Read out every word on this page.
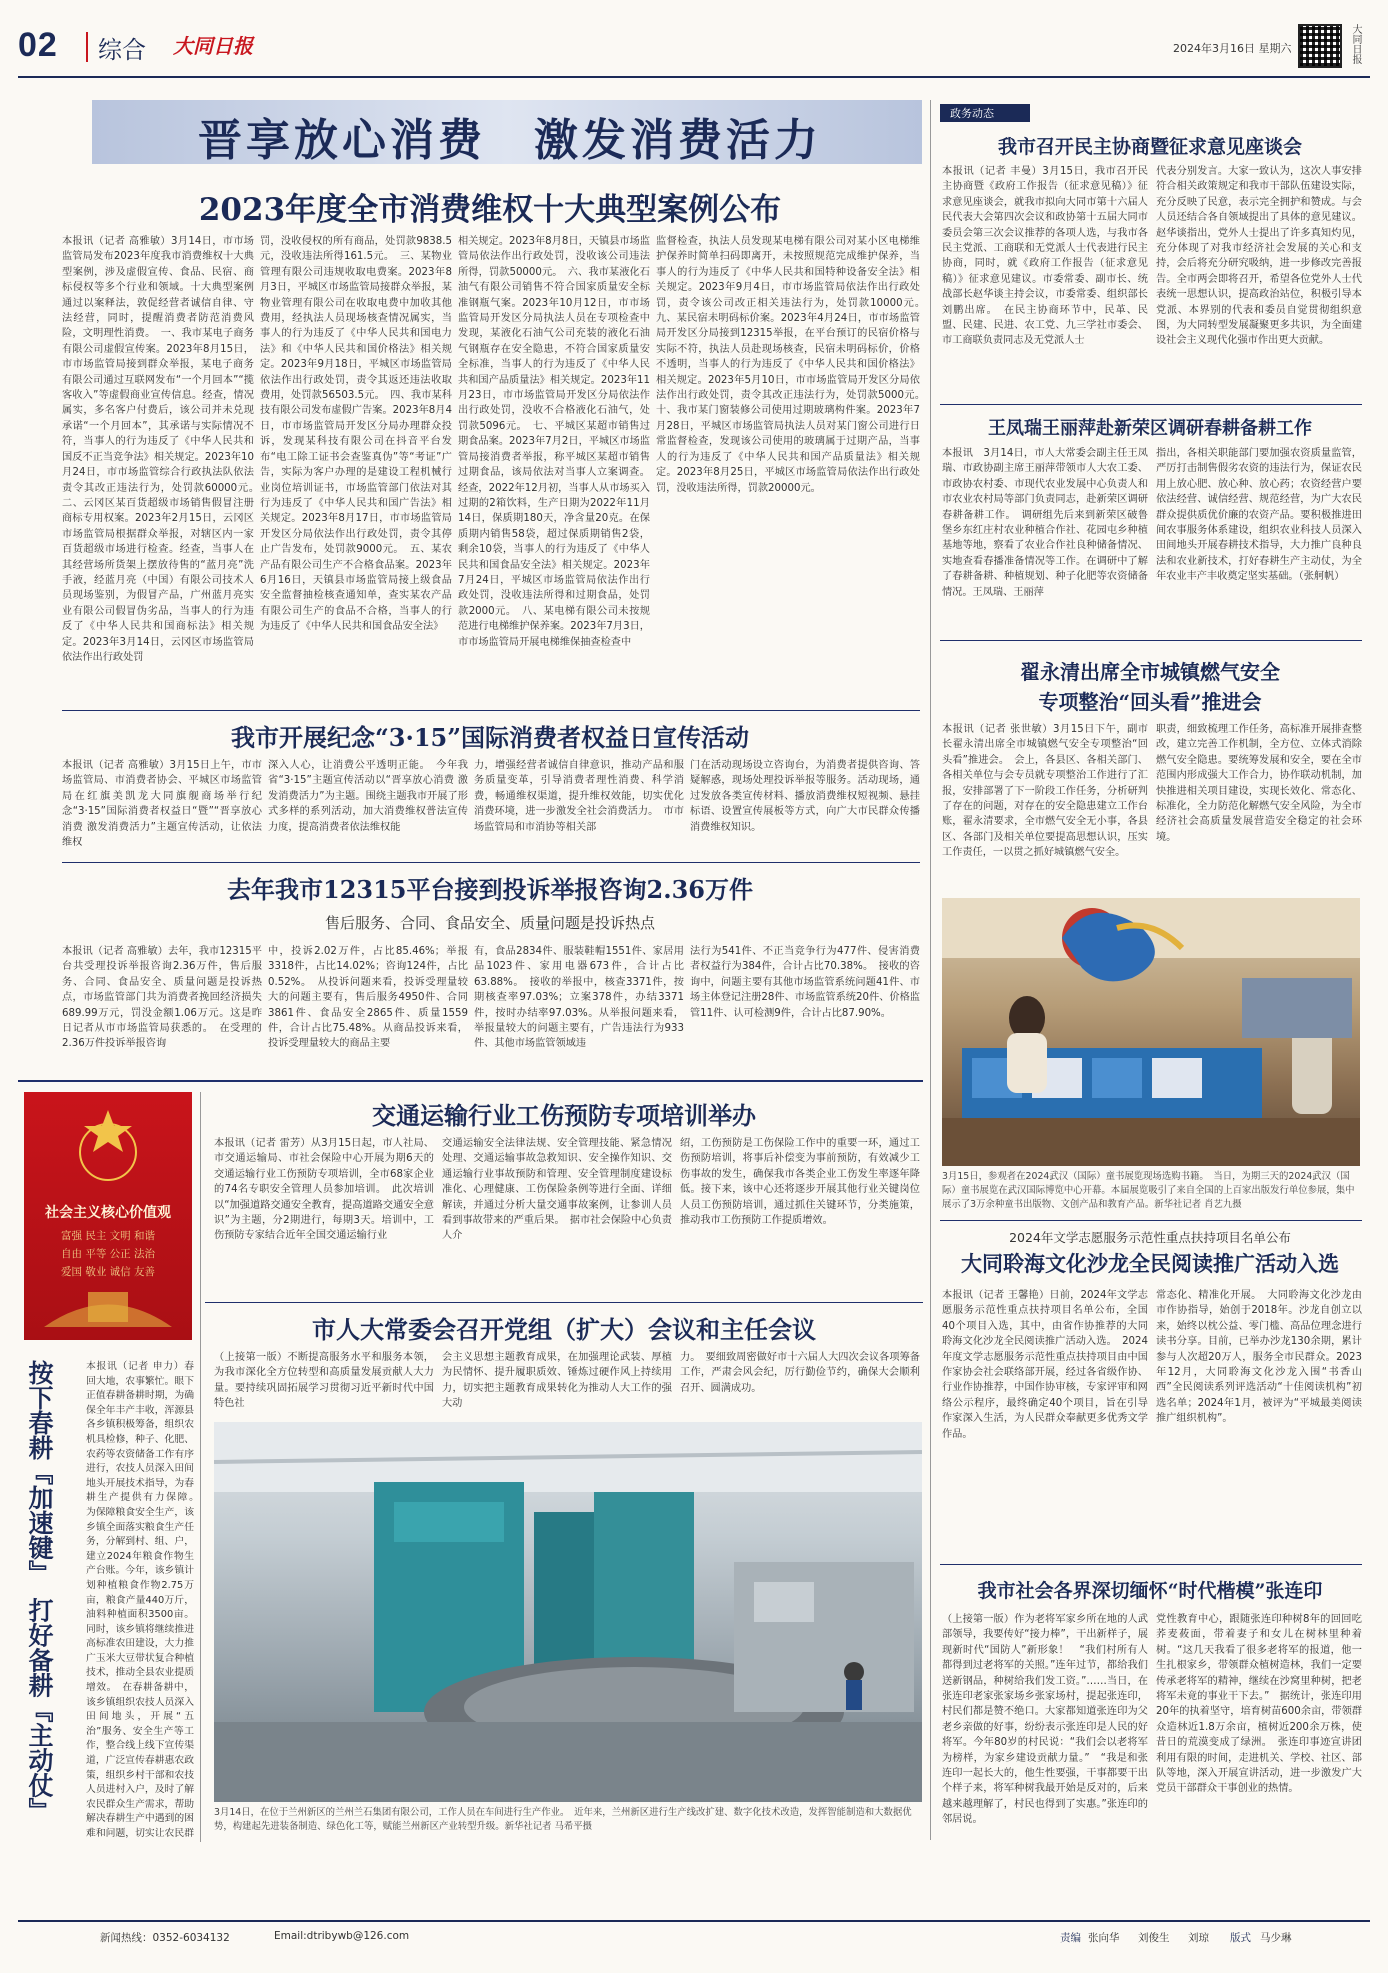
02 综合 大同日报	2024年3月16日 星期六	大同日报
晋享放心消费　激发消费活力
2023年度全市消费维权十大典型案例公布
本报讯（记者 高雅敏）3月14日，市市场监管局发布2023年度我市消费维权十大典型案例，涉及虚假宣传、食品、民宿、商标侵权等多个行业和领域。十大典型案例通过以案释法，敦促经营者诚信自律、守法经营，同时，提醒消费者防范消费风险，文明理性消费。　一、我市某电子商务有限公司虚假宣传案。2023年8月15日，市市场监管局接到群众举报，某电子商务有限公司通过互联网发布“一个月回本”“揽客收入”等虚假商业宣传信息。经查，情况属实，多名客户付费后，该公司并未兑现承诺“一个月回本”，其承诺与实际情况不符，当事人的行为违反了《中华人民共和国反不正当竞争法》相关规定。2023年10月24日，市市场监管综合行政执法队依法责令其改正违法行为，处罚款60000元。　二、云冈区某百货超级市场销售假冒注册商标专用权案。2023年2月15日，云冈区市场监管局根据群众举报，对辖区内一家百货超级市场进行检查。经查，当事人在其经营场所货架上摆放待售的“蓝月亮”洗手液，经蓝月亮（中国）有限公司技术人员现场鉴别，为假冒产品，广州蓝月亮实业有限公司假冒伪劣品，当事人的行为违反了《中华人民共和国商标法》相关规定。2023年3月14日，云冈区市场监管局依法作出行政处罚
罚，没收侵权的所有商品，处罚款9838.5元，没收违法所得161.5元。　三、某物业管理有限公司违规收取电费案。2023年8月3日，平城区市场监管局接群众举报，某物业管理有限公司在收取电费中加收其他费用，经执法人员现场核查情况属实，当事人的行为违反了《中华人民共和国电力法》和《中华人民共和国价格法》相关规定。2023年9月18日，平城区市场监管局依法作出行政处罚，责令其返还违法收取费用，处罚款56503.5元。　四、我市某科技有限公司发布虚假广告案。2023年8月4日，市市场监管局开发区分局办理群众投诉，发现某科技有限公司在抖音平台发布“电工除工证书会查鉴真伪”等“考证”广告，实际为客户办理的是建设工程机械行业岗位培训证书，市场监管部门依法对其行为违反了《中华人民共和国广告法》相关规定。2023年8月17日，市市场监管局开发区分局依法作出行政处罚，责令其停止广告发布，处罚款9000元。　五、某农产品有限公司生产不合格食品案。2023年6月16日，天镇县市场监管局接上级食品安全监督抽检核查通知单，查实某农产品有限公司生产的食品不合格，当事人的行为违反了《中华人民共和国食品安全法》
相关规定。2023年8月8日，天镇县市场监管局依法作出行政处罚，没收该公司违法所得，罚款50000元。　六、我市某液化石油气有限公司销售不符合国家质量安全标准钢瓶气案。2023年10月12日，市市场监管局开发区分局执法人员在专项检查中发现，某液化石油气公司充装的液化石油气钢瓶存在安全隐患，不符合国家质量安全标准，当事人的行为违反了《中华人民共和国产品质量法》相关规定。2023年11月23日，市市场监管局开发区分局依法作出行政处罚，没收不合格液化石油气，处罚款5096元。　七、平城区某超市销售过期食品案。2023年7月2日，平城区市场监管局接消费者举报，称平城区某超市销售过期食品，该局依法对当事人立案调查。经查，2022年12月初，当事人从市场买入过期的2箱饮料，生产日期为2022年11月14日，保质期180天，净含量20克。在保质期内销售58袋，超过保质期销售2袋，剩余10袋，当事人的行为违反了《中华人民共和国食品安全法》相关规定。2023年7月24日，平城区市场监管局依法作出行政处罚，没收违法所得和过期食品，处罚款2000元。　八、某电梯有限公司未按规范进行电梯维护保养案。2023年7月3日，市市场监管局开展电梯维保抽查检查中
监督检查，执法人员发现某电梯有限公司对某小区电梯维护保养时简单扫码即离开，未按照规范完成维护保养，当事人的行为违反了《中华人民共和国特种设备安全法》相关规定。2023年9月4日，市市场监管局依法作出行政处罚，责令该公司改正相关违法行为，处罚款10000元。　九、某民宿未明码标价案。2023年4月24日，市市场监管局开发区分局接到12315举报，在平台预订的民宿价格与实际不符，执法人员赴现场核查，民宿未明码标价，价格不透明，当事人的行为违反了《中华人民共和国价格法》相关规定。2023年5月10日，市市场监管局开发区分局依法作出行政处罚，责令其改正违法行为，处罚款5000元。　十、我市某门窗装修公司使用过期玻璃构件案。2023年7月28日，平城区市场监管局执法人员对某门窗公司进行日常监督检查，发现该公司使用的玻璃属于过期产品，当事人的行为违反了《中华人民共和国产品质量法》相关规定。2023年8月25日，平城区市场监管局依法作出行政处罚，没收违法所得，罚款20000元。
我市开展纪念“3·15”国际消费者权益日宣传活动
本报讯（记者 高雅敏）3月15日上午，市市场监管局、市消费者协会、平城区市场监管局在红旗美凯龙大同旗舰商场举行纪念“3·15”国际消费者权益日“暨”“晋享放心消费 激发消费活力”主题宣传活动，让依法维权
深入人心，让消费公平透明正能。　今年我省“3·15”主题宣传活动以“晋享放心消费 激发消费活力”为主题。围绕主题我市开展了形式多样的系列活动，加大消费维权普法宣传力度，提高消费者依法维权能
力，增强经营者诚信自律意识，推动产品和服务质量变革，引导消费者理性消费、科学消费，畅通维权渠道，提升维权效能，切实优化消费环境，进一步激发全社会消费活力。　市市场监管局和市消协等相关部
门在活动现场设立咨询台，为消费者提供咨询、答疑解惑，现场处理投诉举报等服务。活动现场，通过发放各类宣传材料、播放消费维权短视频、悬挂标语、设置宣传展板等方式，向广大市民群众传播消费维权知识。
去年我市12315平台接到投诉举报咨询2.36万件
售后服务、合同、食品安全、质量问题是投诉热点
本报讯（记者 高雅敏）去年，我市12315平台共受理投诉举报咨询2.36万件，售后服务、合同、食品安全、质量问题是投诉热点，市场监管部门共为消费者挽回经济损失689.99万元，罚没金额1.06万元。这是昨日记者从市市场监管局获悉的。　在受理的2.36万件投诉举报咨询
中，投诉2.02万件，占比85.46%；举报3318件，占比14.02%；咨询124件，占比0.52%。　从投诉问题来看，投诉受理量较大的问题主要有，售后服务4950件、合同3861件、食品安全2865件、质量1559件，合计占比75.48%。从商品投诉来看，投诉受理量较大的商品主要
有，食品2834件、服装鞋帽1551件、家居用品1023件、家用电器673件，合计占比63.88%。　接收的举报中，核查3371件，按期核查率97.03%；立案378件，办结3371件，按时办结率97.03%。从举报问题来看，举报量较大的问题主要有，广告违法行为933件、其他市场监管领域违
法行为541件、不正当竞争行为477件、侵害消费者权益行为384件，合计占比70.38%。　接收的咨询中，问题主要有其他市场监管系统问题41件、市场主体登记注册28件、市场监管系统20件、价格监管11件、认可检测9件，合计占比87.90%。
政务动态
我市召开民主协商暨征求意见座谈会
本报讯（记者 丰曼）3月15日，我市召开民主协商暨《政府工作报告（征求意见稿）》征求意见座谈会，就我市拟向大同市第十六届人民代表大会第四次会议和政协第十五届大同市委员会第三次会议推荐的各项人选，与我市各民主党派、工商联和无党派人士代表进行民主协商，同时，就《政府工作报告（征求意见稿）》征求意见建议。市委常委、副市长、统战部长赵华谈主持会议，市委常委、组织部长刘鹏出席。　在民主协商环节中，民革、民盟、民建、民进、农工党、九三学社市委会、市工商联负责同志及无党派人士
代表分别发言。大家一致认为，这次人事安排符合相关政策规定和我市干部队伍建设实际，充分反映了民意，表示完全拥护和赞成。与会人员还结合各自领域提出了具体的意见建议。赵华谈指出，党外人士提出了许多真知灼见，充分体现了对我市经济社会发展的关心和支持，会后将充分研究吸纳，进一步修改完善报告。全市两会即将召开，希望各位党外人士代表统一思想认识，提高政治站位，积极引导本党派、本界别的代表和委员自觉贯彻组织意图，为大同转型发展凝聚更多共识，为全面建设社会主义现代化强市作出更大贡献。
王凤瑞王丽萍赴新荣区调研春耕备耕工作
本报讯　3月14日，市人大常委会副主任王凤瑞、市政协副主席王丽萍带领市人大农工委、市政协农村委、市现代农业发展中心负责人和市农业农村局等部门负责同志，赴新荣区调研春耕备耕工作。　调研组先后来到新荣区破鲁堡乡东红庄村农业种植合作社、花园屯乡种植基地等地，察看了农业合作社良种储备情况、实地查看春播准备情况等工作。在调研中了解了春耕备耕、种植规划、种子化肥等农资储备情况。王凤瑞、王丽萍
指出，各相关职能部门要加强农资质量监管，严厉打击制售假劣农资的违法行为，保证农民用上放心肥、放心种、放心药；农资经营户要依法经营、诚信经营、规范经营，为广大农民群众提供质优价廉的农资产品。要积极推进田间农事服务体系建设，组织农业科技人员深入田间地头开展春耕技术指导，大力推广良种良法和农业新技术，打好春耕生产主动仗，为全年农业丰产丰收奠定坚实基础。（张舸帆）
翟永清出席全市城镇燃气安全
专项整治“回头看”推进会
本报讯（记者 张世敏）3月15日下午，副市长翟永清出席全市城镇燃气安全专项整治“回头看”推进会。　会上，各县区、各相关部门、各相关单位与会专员就专项整治工作进行了汇报，安排部署了下一阶段工作任务，分析研判了存在的问题，对存在的安全隐患建立工作台账，翟永清要求，全市燃气安全无小事，各县区、各部门及相关单位要提高思想认识，压实工作责任，一以贯之抓好城镇燃气安全。
职责，细致梳理工作任务，高标准开展排查整改，建立完善工作机制，全方位、立体式消除燃气安全隐患。要统筹发展和安全，要在全市范围内形成强大工作合力，协作联动机制，加快推进相关项目建设，实现长效化、常态化、标准化，全力防范化解燃气安全风险，为全市经济社会高质量发展营造安全稳定的社会环境。
3月15日，参观者在2024武汉（国际）童书展览现场选购书籍。　当日，为期三天的2024武汉（国际）童书展览在武汉国际博览中心开幕。本届展览吸引了来自全国的上百家出版发行单位参展，集中展示了3万余种童书出版物、文创产品和教育产品。新华社记者 肖艺九摄
2024年文学志愿服务示范性重点扶持项目名单公布
大同聆海文化沙龙全民阅读推广活动入选
本报讯（记者 王馨艳）日前，2024年文学志愿服务示范性重点扶持项目名单公布，全国40个项目入选，其中，由省作协推荐的大同聆海文化沙龙全民阅读推广活动入选。　2024年度文学志愿服务示范性重点扶持项目由中国作家协会社会联络部开展，经过各省级作协、行业作协推荐，中国作协审核，专家评审和网络公示程序，最终确定40个项目，旨在引导作家深入生活，为人民群众奉献更多优秀文学作品。
常态化、精准化开展。　大同聆海文化沙龙由市作协指导，始创于2018年。沙龙自创立以来，始终以枕公益、零门槛、高品位理念进行读书分享。目前，已举办沙龙130余期，累计参与人次超20万人，服务全市民群众。2023年12月，大同聆海文化沙龙入围“书香山西”全民阅读系列评选活动“十佳阅读机构”初选名单；2024年1月，被评为“平城最美阅读推广组织机构”。
我市社会各界深切缅怀“时代楷模”张连印
（上接第一版）作为老将军家乡所在地的人武部领导，我要传好“接力棒”，干出新样子，展现新时代“国防人”新形象！　“我们村所有人都得到过老将军的关照。”连年过节，都给我们送新钢品，种树给我们发工资。”……当日，在张连印老家张家场乡张家场村，提起张连印，村民们都是赞不绝口。大家都知道张连印为父老乡亲做的好事，纷纷表示张连印是人民的好将军。今年80岁的村民说：“我们会以老将军为榜样，为家乡建设贡献力量。”　“我是和张连印一起长大的，他生性要强，干事都要干出个样子来，将军种树我最开始是反对的，后来越来越理解了，村民也得到了实惠。”张连印的邻居说。
党性教育中心，跟随张连印种树8年的回回吃荞麦莜面，带着妻子和女儿在树林里种着树。“这几天我看了很多老将军的报道，他一生扎根家乡，带领群众植树造林，我们一定要传承老将军的精神，继续在沙窝里种树，把老将军未竟的事业干下去。”　据统计，张连印用20年的执着坚守，培育树苗600余亩，带领群众造林近1.8万余亩，植树近200余万株，使昔日的荒漠变成了绿洲。　张连印事迹宣讲团利用有限的时间，走进机关、学校、社区、部队等地，深入开展宣讲活动，进一步激发广大党员干部群众干事创业的热情。
社会主义核心价值观
富强 民主 文明 和谐
自由 平等 公正 法治
爱国 敬业 诚信 友善
按下春耕『加速键』　打好备耕『主动仗』	本报讯（记者 申力）春回大地，农事繁忙。眼下正值春耕备耕时期，为确保全年丰产丰收，浑源县各乡镇积极筹备，组织农机具检修，种子、化肥、农药等农资储备工作有序进行，农技人员深入田间地头开展技术指导，为春耕生产提供有力保障。　为保障粮食安全生产，该乡镇全面落实粮食生产任务，分解到村、组、户，建立2024年粮食作物生产台账。今年，该乡镇计划种植粮食作物2.75万亩，粮食产量440万斤，油料种植面积3500亩。同时，该乡镇将继续推进高标准农田建设，大力推广玉米大豆带状复合种植技术，推动全县农业提质增效。　在春耕备耕中，该乡镇组织农技人员深入田间地头，开展“五治”服务、安全生产等工作，整合线上线下宣传渠道，广泛宣传春耕惠农政策，组织乡村干部和农技人员进村入户，及时了解农民群众生产需求，帮助解决春耕生产中遇到的困难和问题，切实让农民群
交通运输行业工伤预防专项培训举办
本报讯（记者 雷芳）从3月15日起，市人社局、市交通运输局、市社会保险中心开展为期6天的交通运输行业工伤预防专项培训，全市68家企业的74名专职安全管理人员参加培训。　此次培训以“加强道路交通安全教育，提高道路交通安全意识”为主题，分2期进行，每期3天。培训中，工伤预防专家结合近年全国交通运输行业
交通运输安全法律法规、安全管理技能、紧急情况处理、交通运输事故急救知识、安全操作知识、交通运输行业事故预防和管理、安全管理制度建设标准化、心理健康、工伤保险条例等进行全面、详细解读，并通过分析大量交通事故案例，让参训人员看到事故带来的严重后果。　据市社会保险中心负责人介
绍，工伤预防是工伤保险工作中的重要一环，通过工伤预防培训，将事后补偿变为事前预防，有效减少工伤事故的发生，确保我市各类企业工伤发生率逐年降低。接下来，该中心还将逐步开展其他行业关键岗位人员工伤预防培训，通过抓住关键环节，分类施策，推动我市工伤预防工作提质增效。
市人大常委会召开党组（扩大）会议和主任会议
（上接第一版）不断提高服务水平和服务本领，为我市深化全方位转型和高质量发展贡献人大力量。要持续巩固拓展学习贯彻习近平新时代中国特色社
会主义思想主题教育成果，在加强理论武装、厚植为民情怀、提升履职质效、锤炼过硬作风上持续用力，切实把主题教育成果转化为推动人大工作的强大动
力。　要细致周密做好市十六届人大四次会议各项筹备工作，严肃会风会纪，厉行勤俭节约，确保大会顺利召开、圆满成功。
3月14日，在位于兰州新区的兰州兰石集团有限公司，工作人员在车间进行生产作业。　近年来，兰州新区进行生产线改扩建、数字化技术改造，发挥智能制造和大数据优势，构建起先进装备制造、绿色化工等，赋能兰州新区产业转型升级。新华社记者 马希平摄
新闻热线：0352-6034132	Email:dtribywb@126.com	责编 张向华 刘俊生 刘琼 版式 马少琳
